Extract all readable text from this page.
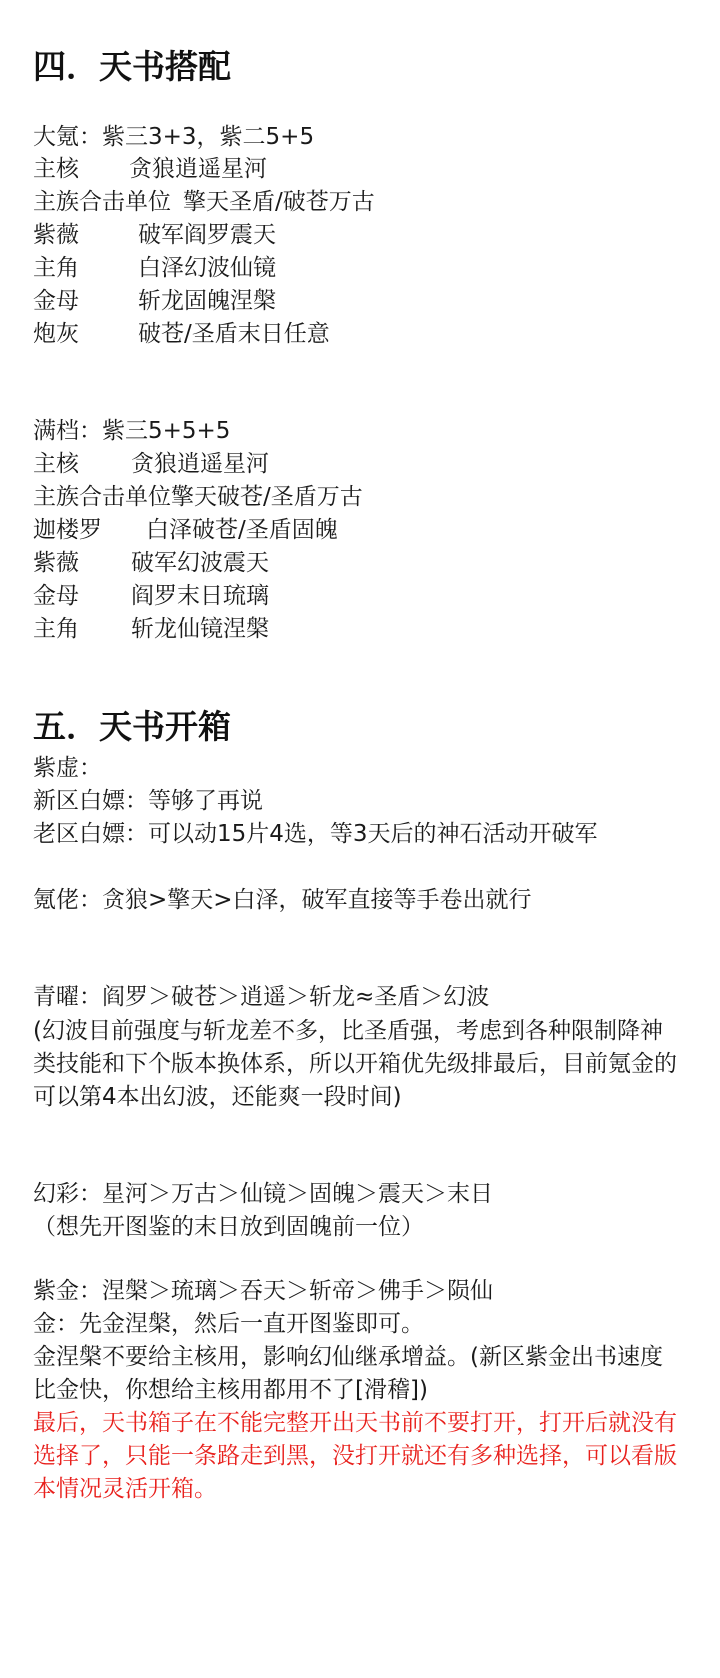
四．天书搭配
大氪：紫三3+3，紫二5+5
主核 贪狼逍遥星河
主族合击单位 擎天圣盾/破苍万古
紫薇	破军阎罗震天
主角	白泽幻波仙镜
金母	斩龙固魄涅槃
炮灰	破苍/圣盾末日任意
满档：紫三5+5+5
主核 贪狼逍遥星河
主族合击单位 擎天破苍/圣盾万古
迦楼罗 白泽破苍/圣盾固魄
紫薇 破军幻波震天
金母 阎罗末日琉璃
主角 斩龙仙镜涅槃
五．天书开箱
紫虚：
新区白嫖：等够了再说
老区白嫖：可以动15片4选，等3天后的神石活动开破军
氪佬：贪狼>擎天>白泽，破军直接等手卷出就行
青曜：阎罗＞破苍＞逍遥＞斩龙≈圣盾＞幻波
(幻波目前强度与斩龙差不多，比圣盾强，考虑到各种限制降神类技能和下个版本换体系，所以开箱优先级排最后，目前氪金的可以第4本出幻波，还能爽一段时间)
幻彩：星河＞万古＞仙镜＞固魄＞震天＞末日
（想先开图鉴的末日放到固魄前一位）
紫金：涅槃＞琉璃＞吞天＞斩帝＞佛手＞陨仙
金：先金涅槃，然后一直开图鉴即可。
金涅槃不要给主核用，影响幻仙继承增益。(新区紫金出书速度比金快，你想给主核用都用不了[滑稽])
最后，天书箱子在不能完整开出天书前不要打开，打开后就没有选择了，只能一条路走到黑，没打开就还有多种选择，可以看版本情况灵活开箱。
